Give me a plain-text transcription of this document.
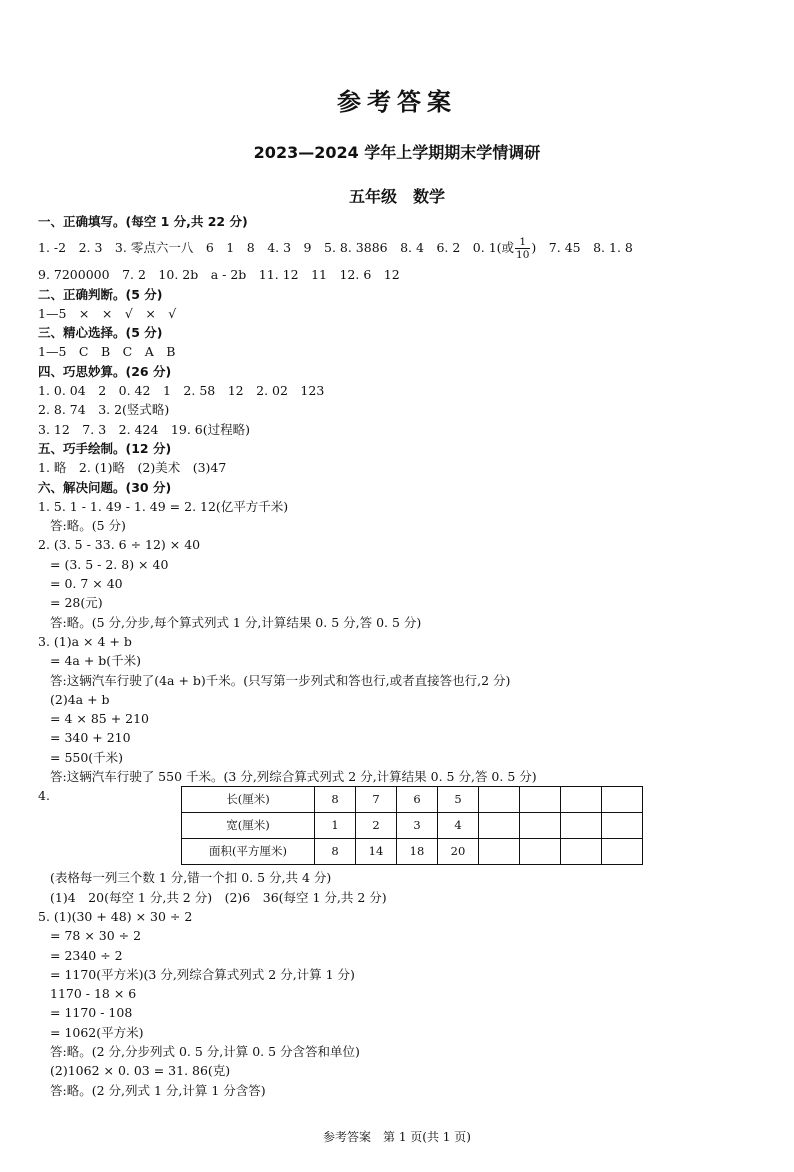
参考答案
2023—2024 学年上学期期末学情调研
五年级　数学
一、正确填写。(每空 1 分,共 22 分)
1. -2　2. 3　3. 零点六一八　6　1　8　4. 3　9　5. 8. 3886　8. 4　6. 2　0. 1(或 $\frac{1}{10}$ )　7. 45　8. 1. 8
9. 7200000　7. 2　10. 2b　a - 2b　11. 12　11　12. 6　12
二、正确判断。(5 分)
1—5　×　×　√　×　√
三、精心选择。(5 分)
1—5　C　B　C　A　B
四、巧思妙算。(26 分)
1. 0. 04　2　0. 42　1　2. 58　12　2. 02　123
2. 8. 74　3. 2(竖式略)
3. 12　7. 3　2. 424　19. 6(过程略)
五、巧手绘制。(12 分)
1. 略　2. (1)略　(2)美术　(3)47
六、解决问题。(30 分)
1. 5. 1 - 1. 49 - 1. 49 = 2. 12(亿平方千米)
答:略。(5 分)
2. (3. 5 - 33. 6 ÷ 12) × 40
= (3. 5 - 2. 8) × 40
= 0. 7 × 40
= 28(元)
答:略。(5 分,分步,每个算式列式 1 分,计算结果 0. 5 分,答 0. 5 分)
3. (1)a × 4 + b
= 4a + b(千米)
答:这辆汽车行驶了(4a + b)千米。(只写第一步列式和答也行,或者直接答也行,2 分)
(2)4a + b
= 4 × 85 + 210
= 340 + 210
= 550(千米)
答:这辆汽车行驶了 550 千米。(3 分,列综合算式列式 2 分,计算结果 0. 5 分,答 0. 5 分)
4.	长(厘米)	8	7	6	5				
宽(厘米)	1	2	3	4				
面积(平方厘米)	8	14	18	20				
(表格每一列三个数 1 分,错一个扣 0. 5 分,共 4 分)
(1)4　20(每空 1 分,共 2 分)　(2)6　36(每空 1 分,共 2 分)
5. (1)(30 + 48) × 30 ÷ 2
= 78 × 30 ÷ 2
= 2340 ÷ 2
= 1170(平方米)(3 分,列综合算式列式 2 分,计算 1 分)
1170 - 18 × 6
= 1170 - 108
= 1062(平方米)
答:略。(2 分,分步列式 0. 5 分,计算 0. 5 分含答和单位)
(2)1062 × 0. 03 = 31. 86(克)
答:略。(2 分,列式 1 分,计算 1 分含答)
参考答案　第 1 页(共 1 页)
